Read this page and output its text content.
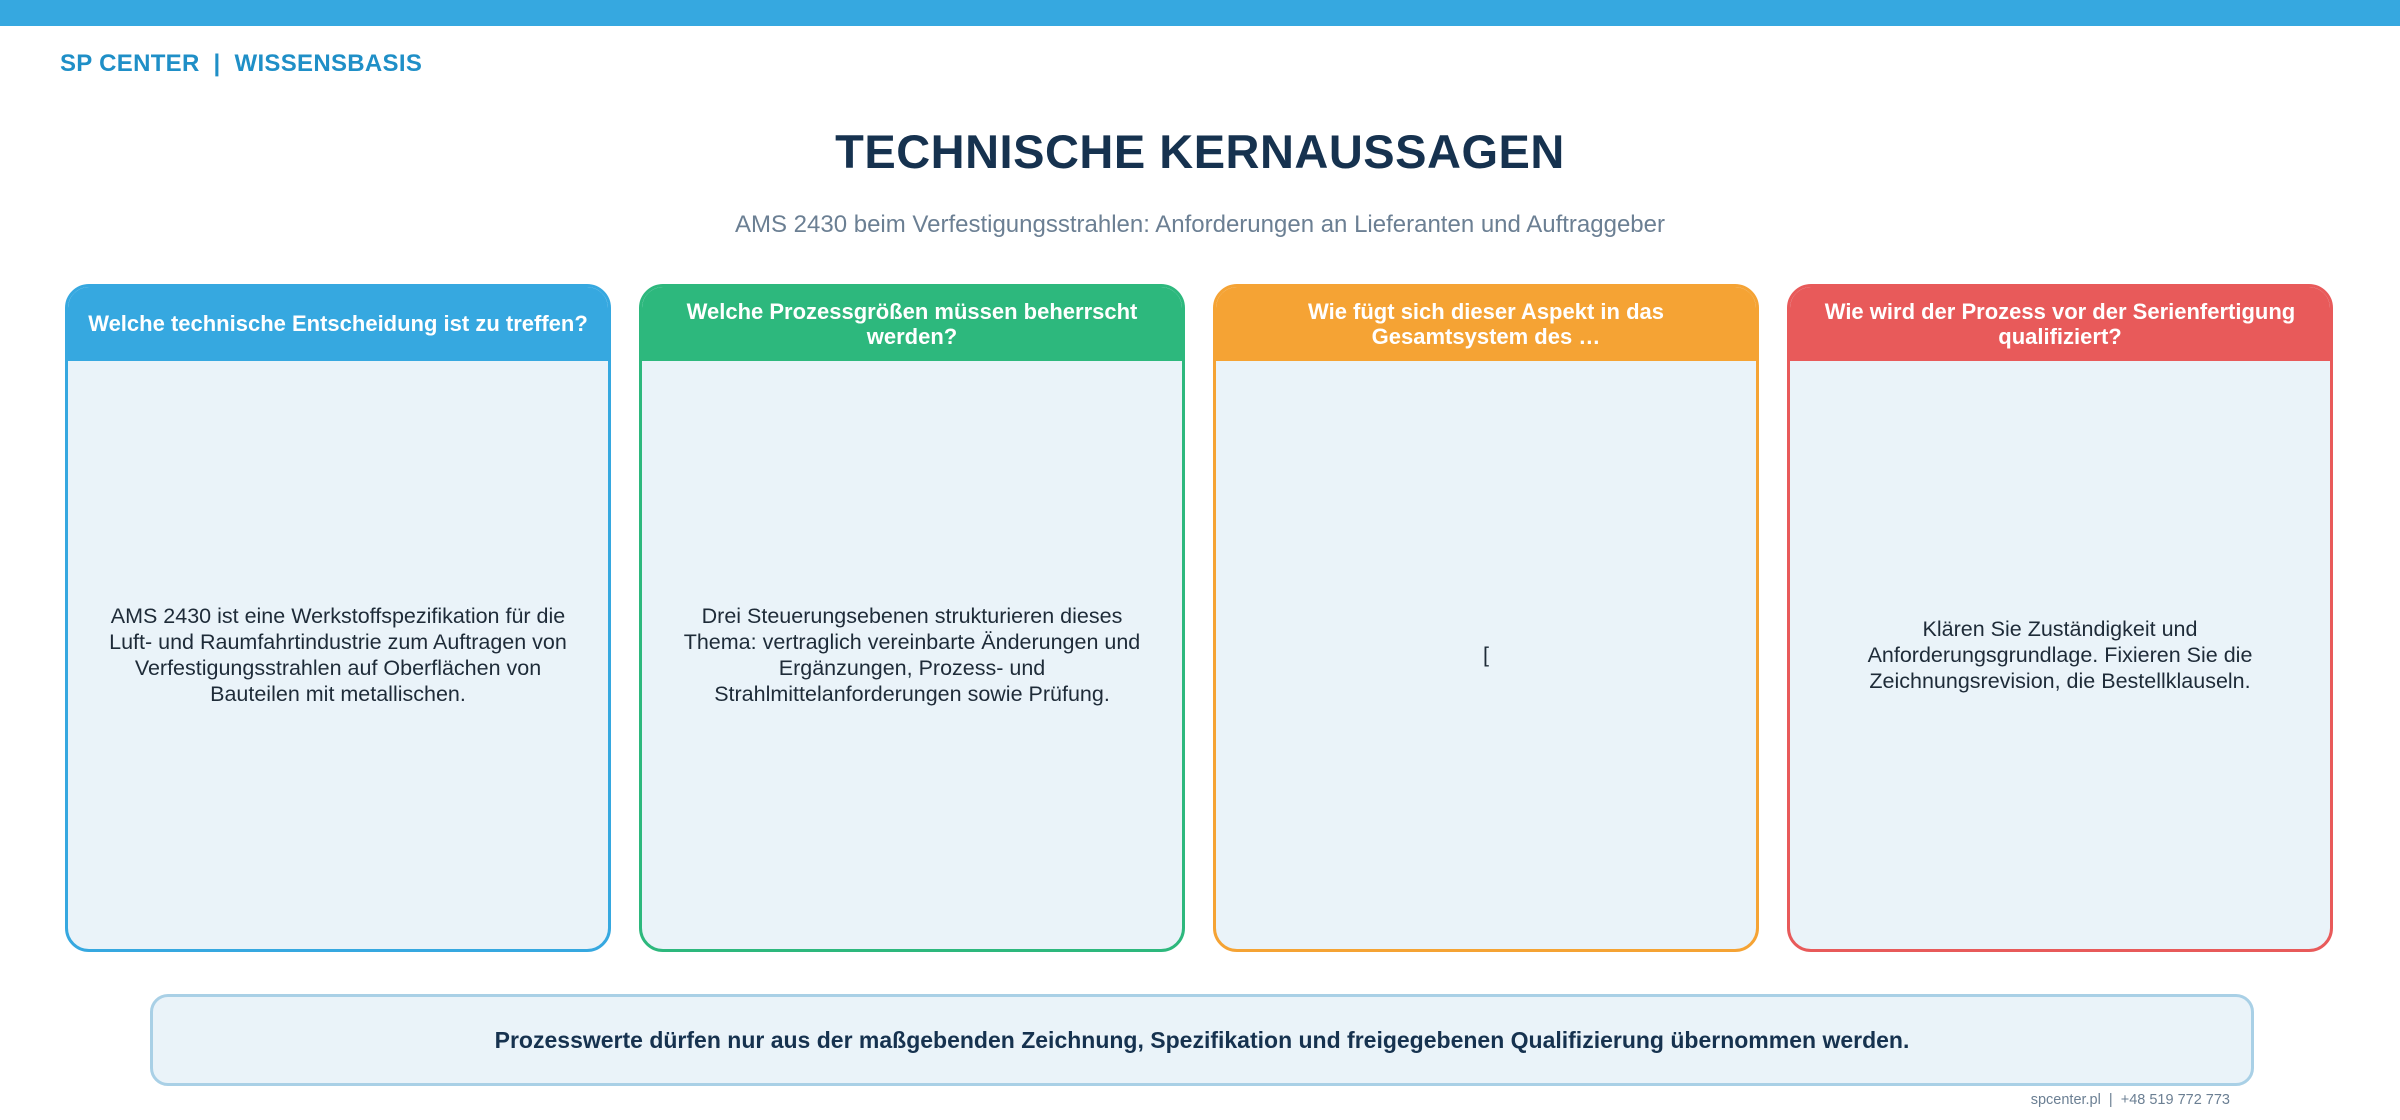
SP CENTER  |  WISSENSBASIS
TECHNISCHE KERNAUSSAGEN
AMS 2430 beim Verfestigungsstrahlen: Anforderungen an Lieferanten und Auftraggeber
Welche technische Entscheidung ist zu treffen?
AMS 2430 ist eine Werkstoffspezifikation für die Luft- und Raumfahrtindustrie zum Auftragen von Verfestigungsstrahlen auf Oberflächen von Bauteilen mit metallischen.
Welche Prozessgrößen müssen beherrscht werden?
Drei Steuerungsebenen strukturieren dieses Thema: vertraglich vereinbarte Änderungen und Ergänzungen, Prozess- und Strahlmittelanforderungen sowie Prüfung.
Wie fügt sich dieser Aspekt in das Gesamtsystem des …
[
Wie wird der Prozess vor der Serienfertigung qualifiziert?
Klären Sie Zuständigkeit und Anforderungsgrundlage. Fixieren Sie die Zeichnungsrevision, die Bestellklauseln.
Prozesswerte dürfen nur aus der maßgebenden Zeichnung, Spezifikation und freigegebenen Qualifizierung übernommen werden.
spcenter.pl  |  +48 519 772 773
